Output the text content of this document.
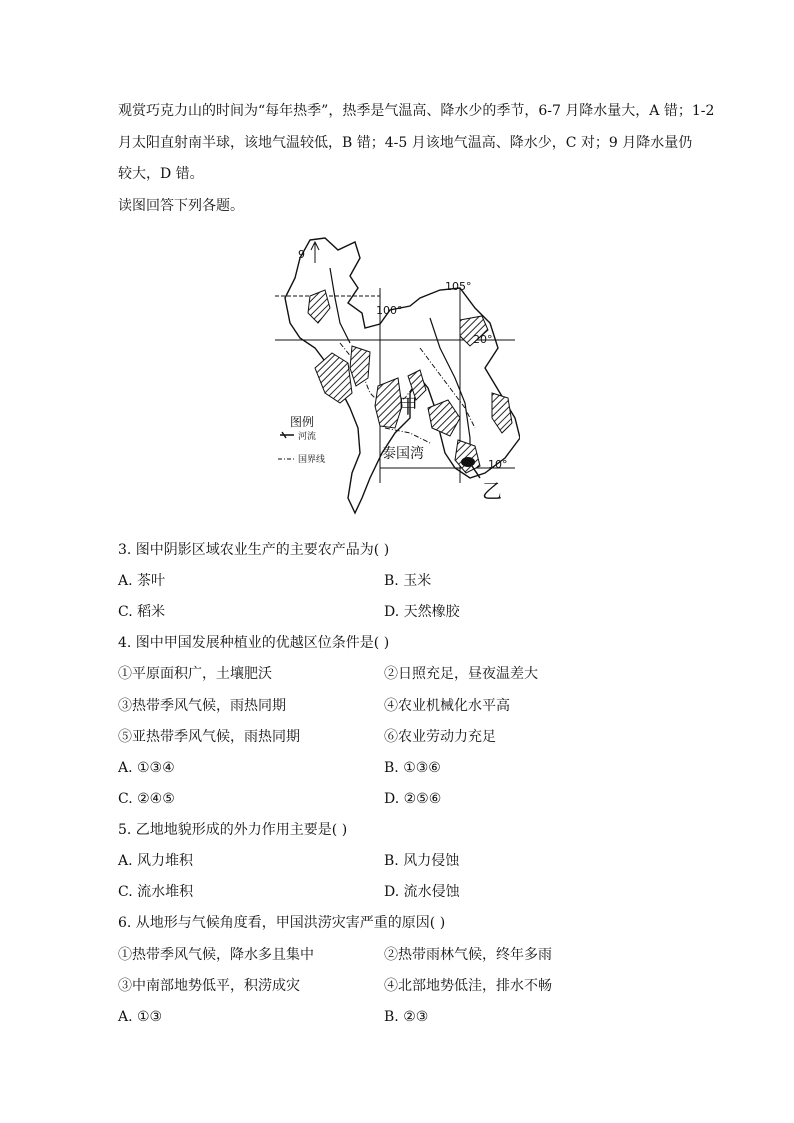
观赏巧克力山的时间为“每年热季”，热季是气温高、降水少的季节，6-7 月降水量大，A 错；1-2
月太阳直射南半球，该地气温较低，B 错；4-5 月该地气温高、降水少，C 对；9 月降水量仍
较大，D 错。
读图回答下列各题。
图例
河流
国界线
9
100°
105°
20°
10°
甲
乙
泰国湾
3. 图中阴影区域农业生产的主要农产品为( )
A. 茶叶	B. 玉米
C. 稻米	D. 天然橡胶
4. 图中甲国发展种植业的优越区位条件是( )
①平原面积广，土壤肥沃	②日照充足，昼夜温差大
③热带季风气候，雨热同期	④农业机械化水平高
⑤亚热带季风气候，雨热同期	⑥农业劳动力充足
A. ①③④	B. ①③⑥
C. ②④⑤	D. ②⑤⑥
5. 乙地地貌形成的外力作用主要是( )
A. 风力堆积	B. 风力侵蚀
C. 流水堆积	D. 流水侵蚀
6. 从地形与气候角度看，甲国洪涝灾害严重的原因( )
①热带季风气候，降水多且集中	②热带雨林气候，终年多雨
③中南部地势低平，积涝成灾	④北部地势低洼，排水不畅
A. ①③	B. ②③
